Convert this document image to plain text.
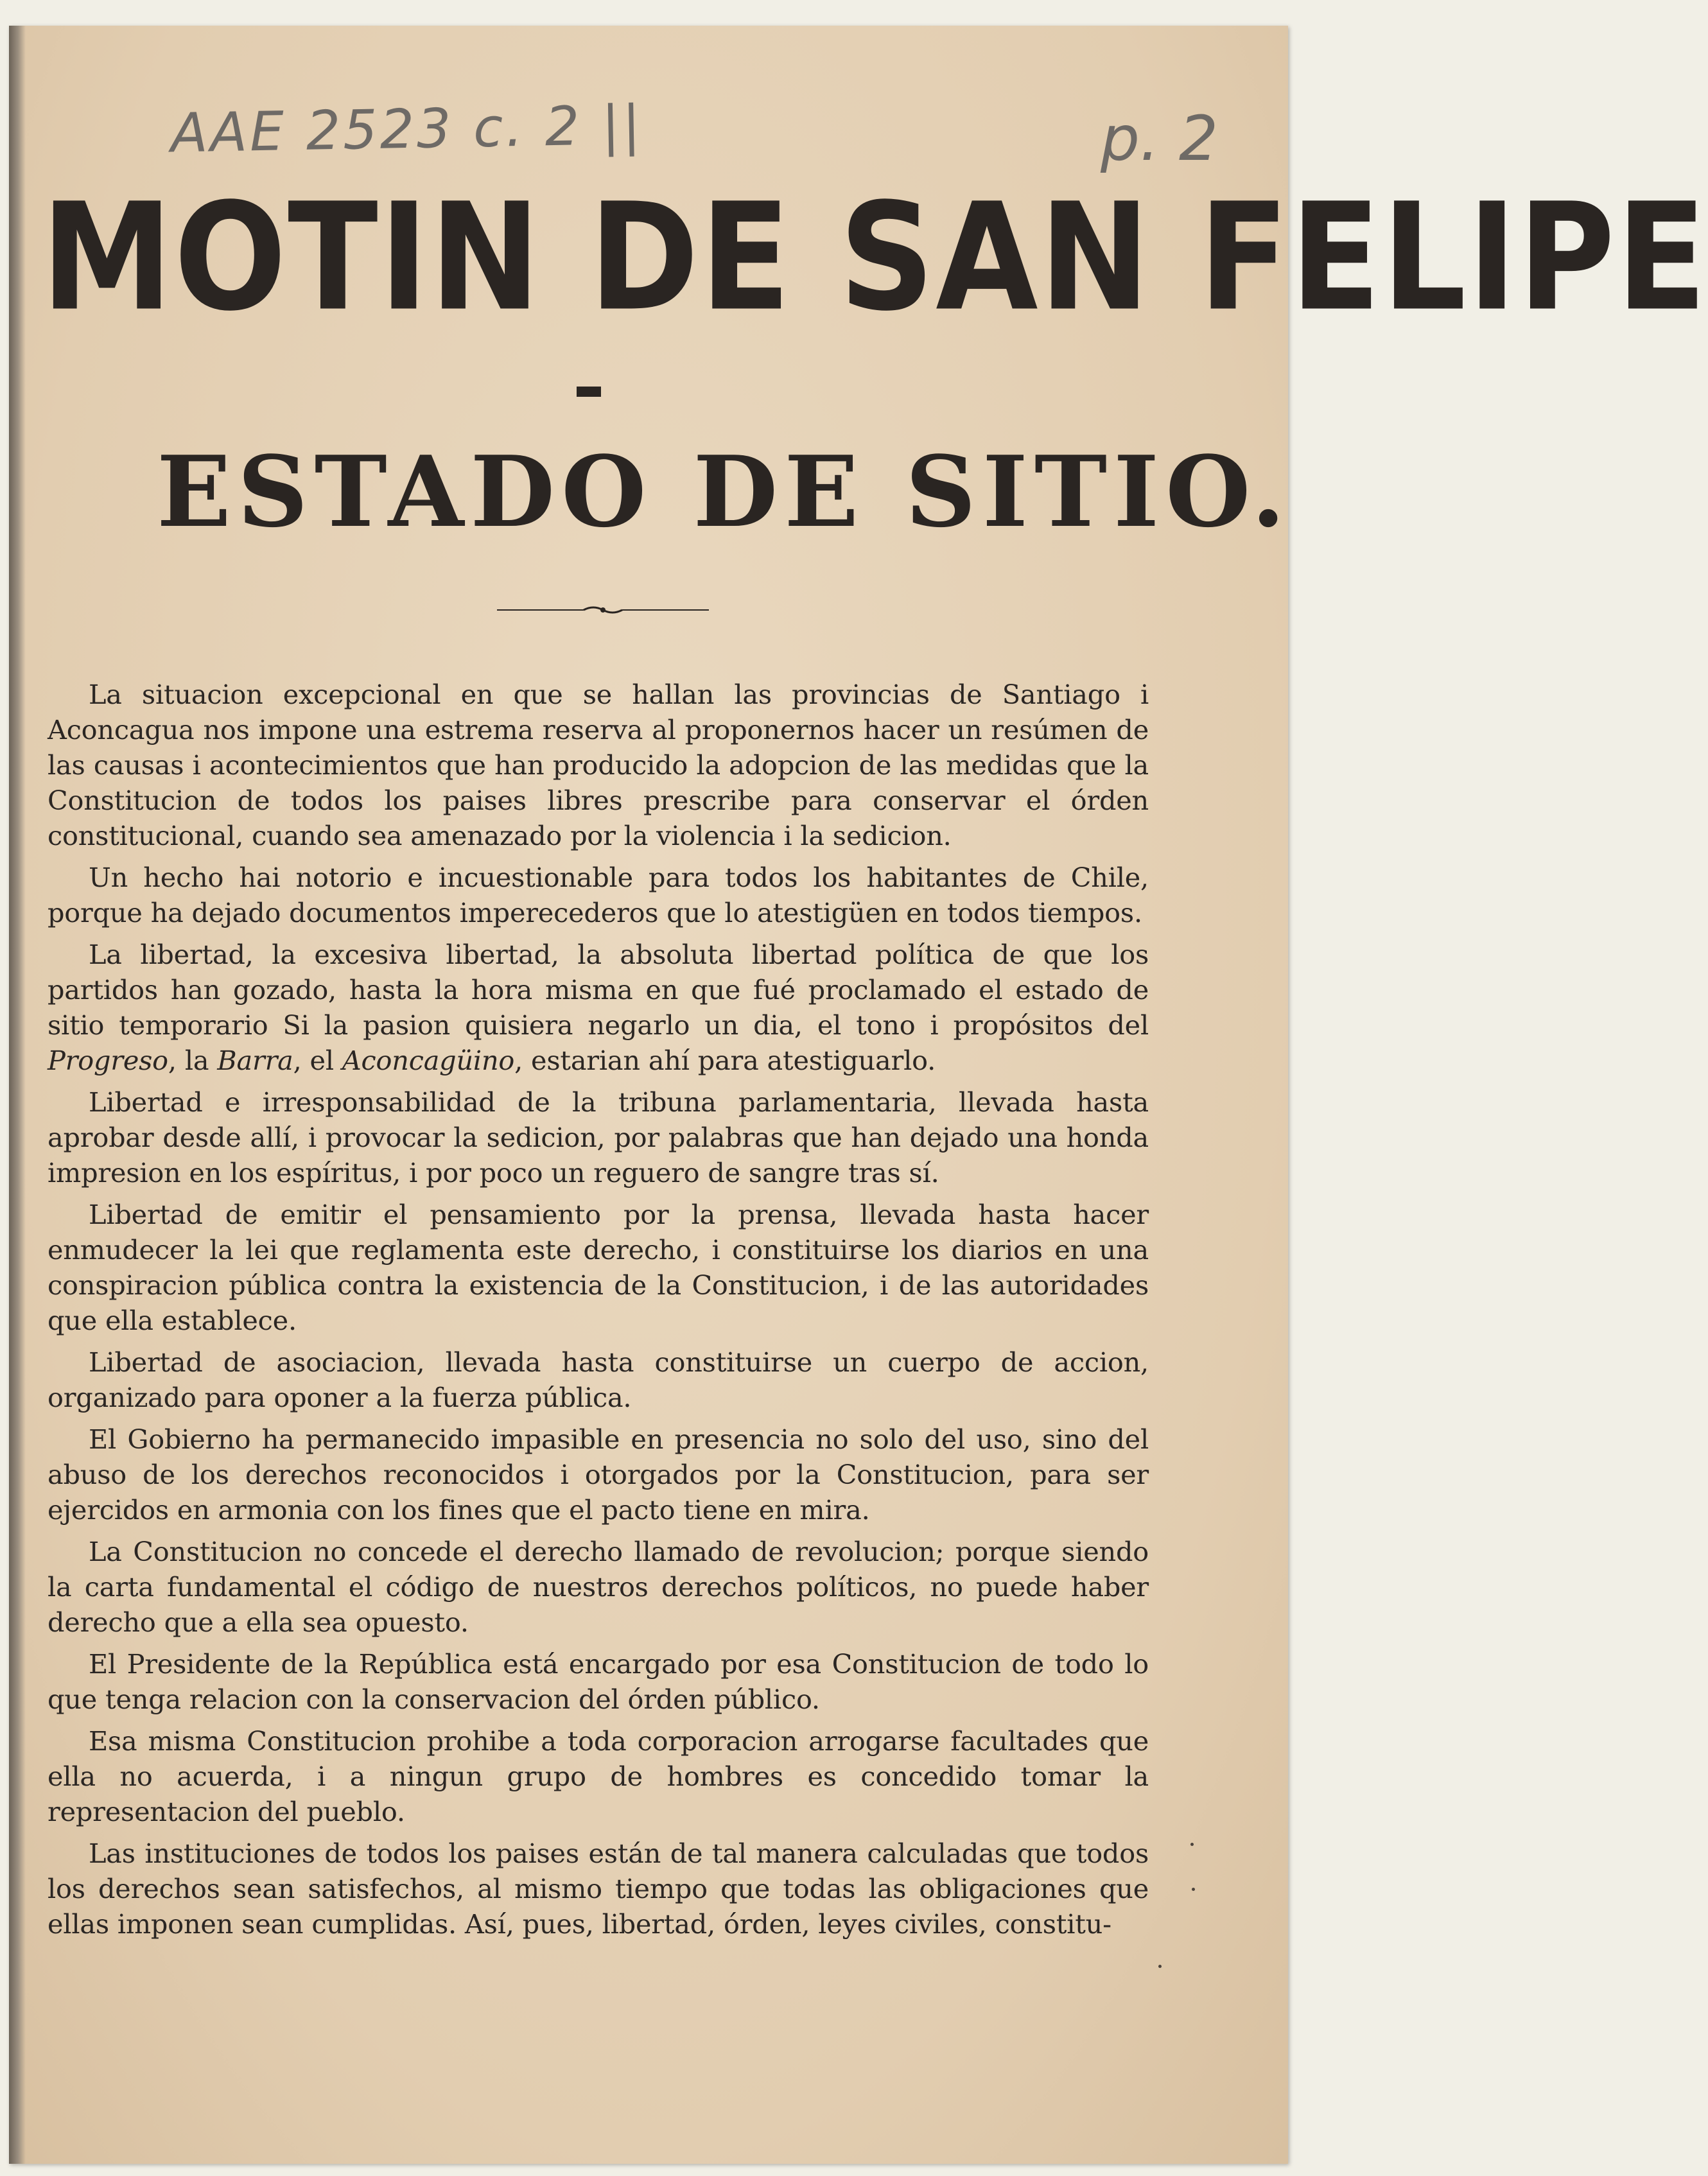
AAE 2523 c. 2 ||	p. 2
MOTIN DE SAN FELIPE
ESTADO DE SITIO.

La situacion excepcional en que se hallan las provincias de Santiago i Aconcagua nos impone una estrema reserva al proponernos hacer un resúmen de las causas i acontecimientos que han producido la adopcion de las medidas que la Constitucion de todos los paises libres prescribe para conservar el órden constitucional, cuando sea amenazado por la violencia i la sedicion.

Un hecho hai notorio e incuestionable para todos los habitantes de Chile, porque ha dejado documentos imperecederos que lo atestigüen en todos tiempos.

La libertad, la excesiva libertad, la absoluta libertad política de que los partidos han gozado, hasta la hora misma en que fué proclamado el estado de sitio temporario Si la pasion quisiera negarlo un dia, el tono i propósitos del Progreso, la Barra, el Aconcagüino, estarian ahí para atestiguarlo.

Libertad e irresponsabilidad de la tribuna parlamentaria, llevada hasta aprobar desde allí, i provocar la sedicion, por palabras que han dejado una honda impresion en los espíritus, i por poco un reguero de sangre tras sí.

Libertad de emitir el pensamiento por la prensa, llevada hasta hacer enmudecer la lei que reglamenta este derecho, i constituirse los diarios en una conspiracion pública contra la existencia de la Constitucion, i de las autoridades que ella establece.

Libertad de asociacion, llevada hasta constituirse un cuerpo de accion, organizado para oponer a la fuerza pública.

El Gobierno ha permanecido impasible en presencia no solo del uso, sino del abuso de los derechos reconocidos i otorgados por la Constitucion, para ser ejercidos en armonia con los fines que el pacto tiene en mira.

La Constitucion no concede el derecho llamado de revolucion; porque siendo la carta fundamental el código de nuestros derechos políticos, no puede haber derecho que a ella sea opuesto.

El Presidente de la República está encargado por esa Constitucion de todo lo que tenga relacion con la conservacion del órden público.

Esa misma Constitucion prohibe a toda corporacion arrogarse facultades que ella no acuerda, i a ningun grupo de hombres es concedido tomar la representacion del pueblo.

Las instituciones de todos los paises están de tal manera calculadas que todos los derechos sean satisfechos, al mismo tiempo que todas las obligaciones que ellas imponen sean cumplidas. Así, pues, libertad, órden, leyes civiles, constitu-
